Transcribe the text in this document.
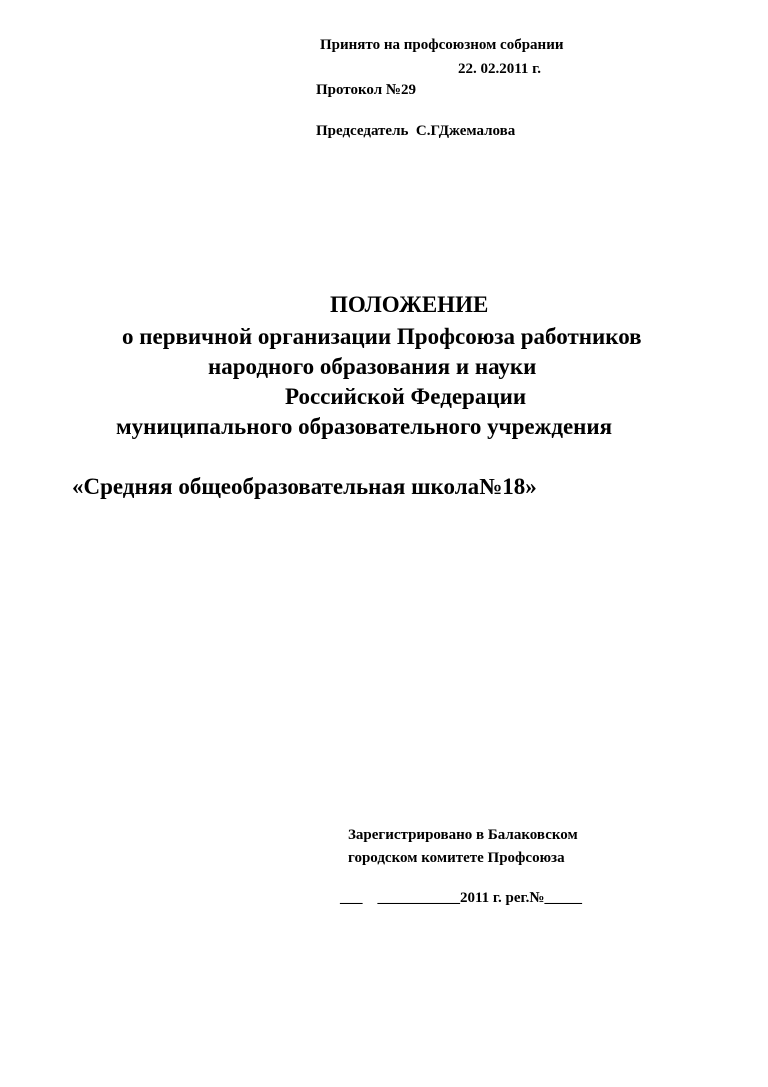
Принято на профсоюзном собрании
22. 02.2011 г.
Протокол №29
Председатель  С.ГДжемалова
ПОЛОЖЕНИЕ
о первичной организации Профсоюза работников
народного образования и науки
Российской Федерации
муниципального образовательного учреждения
«Средняя общеобразовательная школа№18»
Зарегистрировано в Балаковском
городском комитете Профсоюза
___    ___________2011 г. рег.№_____
